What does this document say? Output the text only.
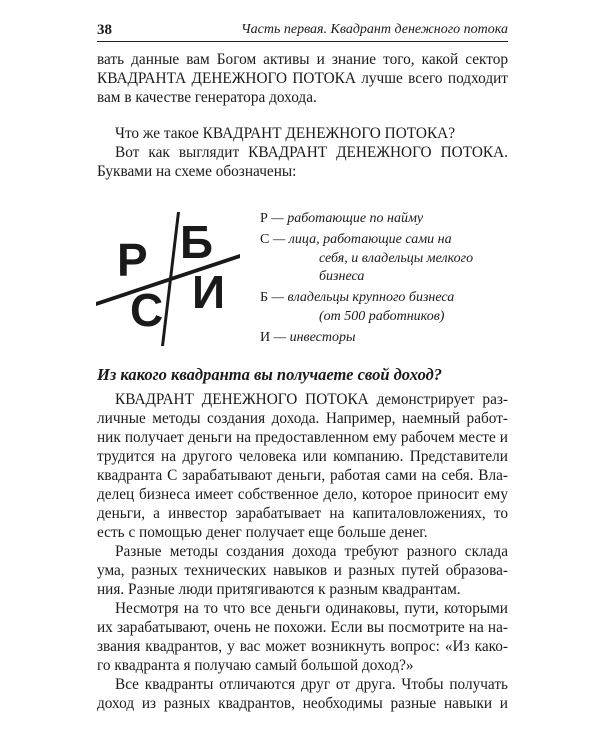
38	Часть первая. Квадрант денежного потока
вать данные вам Богом активы и знание того, какой сектор
КВАДРАНТА ДЕНЕЖНОГО ПОТОКА лучше всего подходит
вам в качестве генератора дохода.
Что же такое КВАДРАНТ ДЕНЕЖНОГО ПОТОКА?
Вот как выглядит КВАДРАНТ ДЕНЕЖНОГО ПОТОКА.
Буквами на схеме обозначены:
Р Б
С И
Р — работающие по найму
С — лица, работающие сами на
себя, и владельцы мелкого
бизнеса
Б — владельцы крупного бизнеса
(от 500 работников)
И — инвесторы
Из какого квадранта вы получаете свой доход?
КВАДРАНТ ДЕНЕЖНОГО ПОТОКА демонстрирует раз-
личные методы создания дохода. Например, наемный работ-
ник получает деньги на предоставленном ему рабочем месте и
трудится на другого человека или компанию. Представители
квадранта С зарабатывают деньги, работая сами на себя. Вла-
делец бизнеса имеет собственное дело, которое приносит ему
деньги, а инвестор зарабатывает на капиталовложениях, то
есть с помощью денег получает еще больше денег.
Разные методы создания дохода требуют разного склада
ума, разных технических навыков и разных путей образова-
ния. Разные люди притягиваются к разным квадрантам.
Несмотря на то что все деньги одинаковы, пути, которыми
их зарабатывают, очень не похожи. Если вы посмотрите на на-
звания квадрантов, у вас может возникнуть вопрос: «Из како-
го квадранта я получаю самый большой доход?»
Все квадранты отличаются друг от друга. Чтобы получать
доход из разных квадрантов, необходимы разные навыки и
